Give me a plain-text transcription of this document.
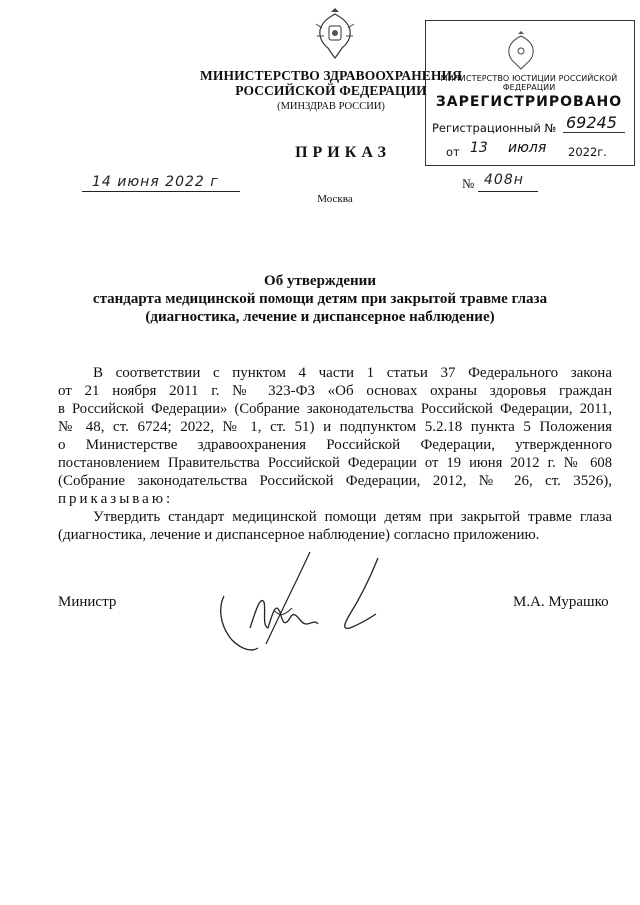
МИНИСТЕРСТВО ЗДРАВООХРАНЕНИЯ
РОССИЙСКОЙ ФЕДЕРАЦИИ
(МИНЗДРАВ РОССИИ)
ПРИКАЗ
14 июня 2022 г	№ 408н
Москва
МИНИСТЕРСТВО ЮСТИЦИИ РОССИЙСКОЙ ФЕДЕРАЦИИ
ЗАРЕГИСТРИРОВАНО
Регистрационный № 69245
от 13 июля 2022г.
Об утверждении
стандарта медицинской помощи детям при закрытой травме глаза
(диагностика, лечение и диспансерное наблюдение)
В соответствии с пунктом 4 части 1 статьи 37 Федерального закона
от 21 ноября 2011 г. № 323-ФЗ «Об основах охраны здоровья граждан
в Российской Федерации» (Собрание законодательства Российской Федерации, 2011,
№ 48, ст. 6724; 2022, № 1, ст. 51) и подпунктом 5.2.18 пункта 5 Положения
о Министерстве здравоохранения Российской Федерации, утвержденного
постановлением Правительства Российской Федерации от 19 июня 2012 г. № 608
(Собрание законодательства Российской Федерации, 2012, № 26, ст. 3526),
приказываю:
Утвердить стандарт медицинской помощи детям при закрытой травме глаза
(диагностика, лечение и диспансерное наблюдение) согласно приложению.
Министр	М.А. Мурашко
